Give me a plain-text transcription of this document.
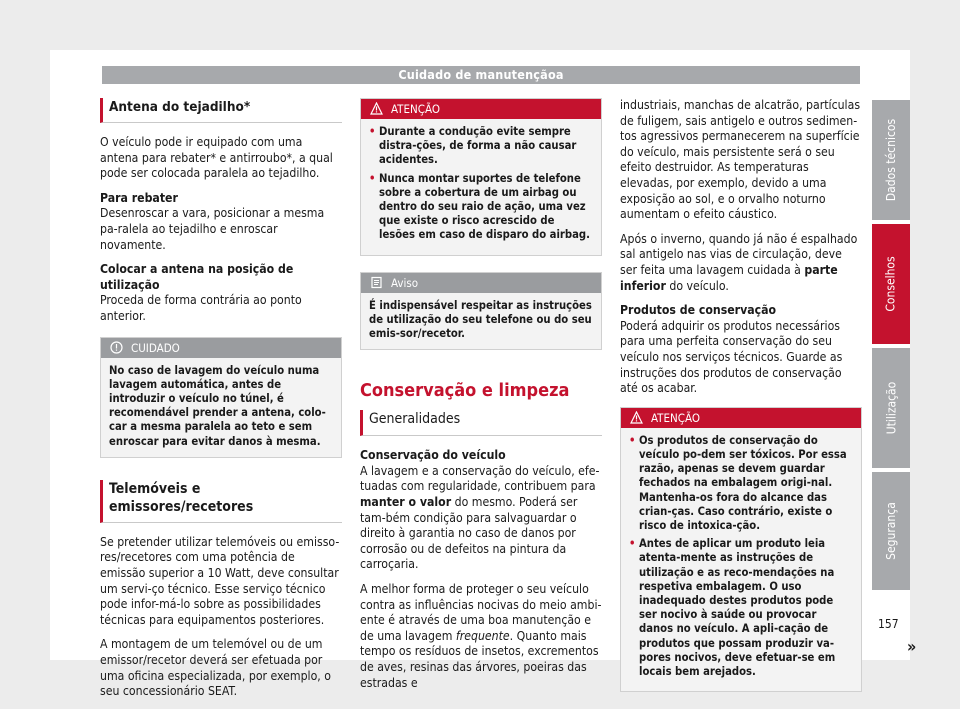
Cuidado de manutençãoa
Antena do tejadilho*

O veículo pode ir equipado com uma antena para rebater* e antirroubo*, a qual pode ser colocada paralela ao tejadilho.

Para rebater

Desenroscar a vara, posicionar a mesma pa-ralela ao tejadilho e enroscar novamente.

Colocar a antena na posição de utilização

Proceda de forma contrária ao ponto anterior.

CUIDADO
No caso de lavagem do veículo numa lavagem automática, antes de introduzir o veículo no túnel, é recomendável prender a antena, colo-car a mesma paralela ao teto e sem enroscar para evitar danos à mesma.
Telemóveis e emissores/recetores

Se pretender utilizar telemóveis ou emisso-res/recetores com uma potência de emissão superior a 10 Watt, deve consultar um servi-ço técnico. Esse serviço técnico pode infor-má-lo sobre as possibilidades técnicas para equipamentos posteriores.

A montagem de um telemóvel ou de um emissor/recetor deverá ser efetuada por uma oficina especializada, por exemplo, o seu concessionário SEAT.

ATENÇÃO
• Durante a condução evite sempre distra-ções, de forma a não causar acidentes.
• Nunca montar suportes de telefone sobre a cobertura de um airbag ou dentro do seu raio de ação, uma vez que existe o risco acrescido de lesões em caso de disparo do airbag.
Aviso
É indispensável respeitar as instruções de utilização do seu telefone ou do seu emis-sor/recetor.
Conservação e limpeza
Generalidades
Conservação do veículo

A lavagem e a conservação do veículo, efe-tuadas com regularidade, contribuem para manter o valor do mesmo. Poderá ser tam-bém condição para salvaguardar o direito à garantia no caso de danos por corrosão ou de defeitos na pintura da carroçaria.

A melhor forma de proteger o seu veículo contra as influências nocivas do meio ambi-ente é através de uma boa manutenção e de uma lavagem frequente. Quanto mais tempo os resíduos de insetos, excrementos de aves, resinas das árvores, poeiras das estradas e

industriais, manchas de alcatrão, partículas de fuligem, sais antigelo e outros sedimen-tos agressivos permanecerem na superfície do veículo, mais persistente será o seu efeito destruidor. As temperaturas elevadas, por exemplo, devido a uma exposição ao sol, e o orvalho noturno aumentam o efeito cáustico.

Após o inverno, quando já não é espalhado sal antigelo nas vias de circulação, deve ser feita uma lavagem cuidada à parte inferior do veículo.

Produtos de conservação

Poderá adquirir os produtos necessários para uma perfeita conservação do seu veículo nos serviços técnicos. Guarde as instruções dos produtos de conservação até os acabar.

ATENÇÃO
• Os produtos de conservação do veículo po-dem ser tóxicos. Por essa razão, apenas se devem guardar fechados na embalagem origi-nal. Mantenha-os fora do alcance das crian-ças. Caso contrário, existe o risco de intoxica-ção.
• Antes de aplicar um produto leia atenta-mente as instruções de utilização e as reco-mendações na respetiva embalagem. O uso inadequado destes produtos pode ser nocivo à saúde ou provocar danos no veículo. A apli-cação de produtos que possam produzir va-pores nocivos, deve efetuar-se em locais bem arejados.
»
Dados técnicos
Conselhos
Utilização
Segurança
157
